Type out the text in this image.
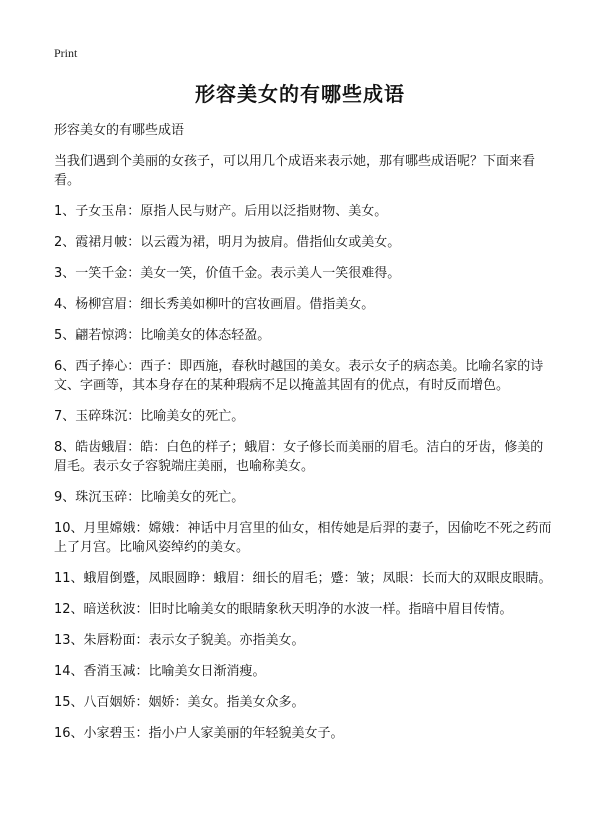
Print
形容美女的有哪些成语

形容美女的有哪些成语

当我们遇到个美丽的女孩子，可以用几个成语来表示她，那有哪些成语呢？下面来看看。

1、子女玉帛：原指人民与财产。后用以泛指财物、美女。

2、霞裙月帔：以云霞为裙，明月为披肩。借指仙女或美女。

3、一笑千金：美女一笑，价值千金。表示美人一笑很难得。

4、杨柳宫眉：细长秀美如柳叶的宫妆画眉。借指美女。

5、翩若惊鸿：比喻美女的体态轻盈。

6、西子捧心：西子：即西施，春秋时越国的美女。表示女子的病态美。比喻名家的诗文、字画等，其本身存在的某种瑕病不足以掩盖其固有的优点，有时反而增色。

7、玉碎珠沉：比喻美女的死亡。

8、皓齿蛾眉：皓：白色的样子；蛾眉：女子修长而美丽的眉毛。洁白的牙齿，修美的眉毛。表示女子容貌端庄美丽，也喻称美女。

9、珠沉玉碎：比喻美女的死亡。

10、月里嫦娥：嫦娥：神话中月宫里的仙女，相传她是后羿的妻子，因偷吃不死之药而上了月宫。比喻风姿绰约的美女。

11、蛾眉倒蹙，凤眼圆睁：蛾眉：细长的眉毛；蹙：皱；凤眼：长而大的双眼皮眼睛。

12、暗送秋波：旧时比喻美女的眼睛象秋天明净的水波一样。指暗中眉目传情。

13、朱唇粉面：表示女子貌美。亦指美女。

14、香消玉减：比喻美女日渐消瘦。

15、八百姻娇：姻娇：美女。指美女众多。

16、小家碧玉：指小户人家美丽的年轻貌美女子。
